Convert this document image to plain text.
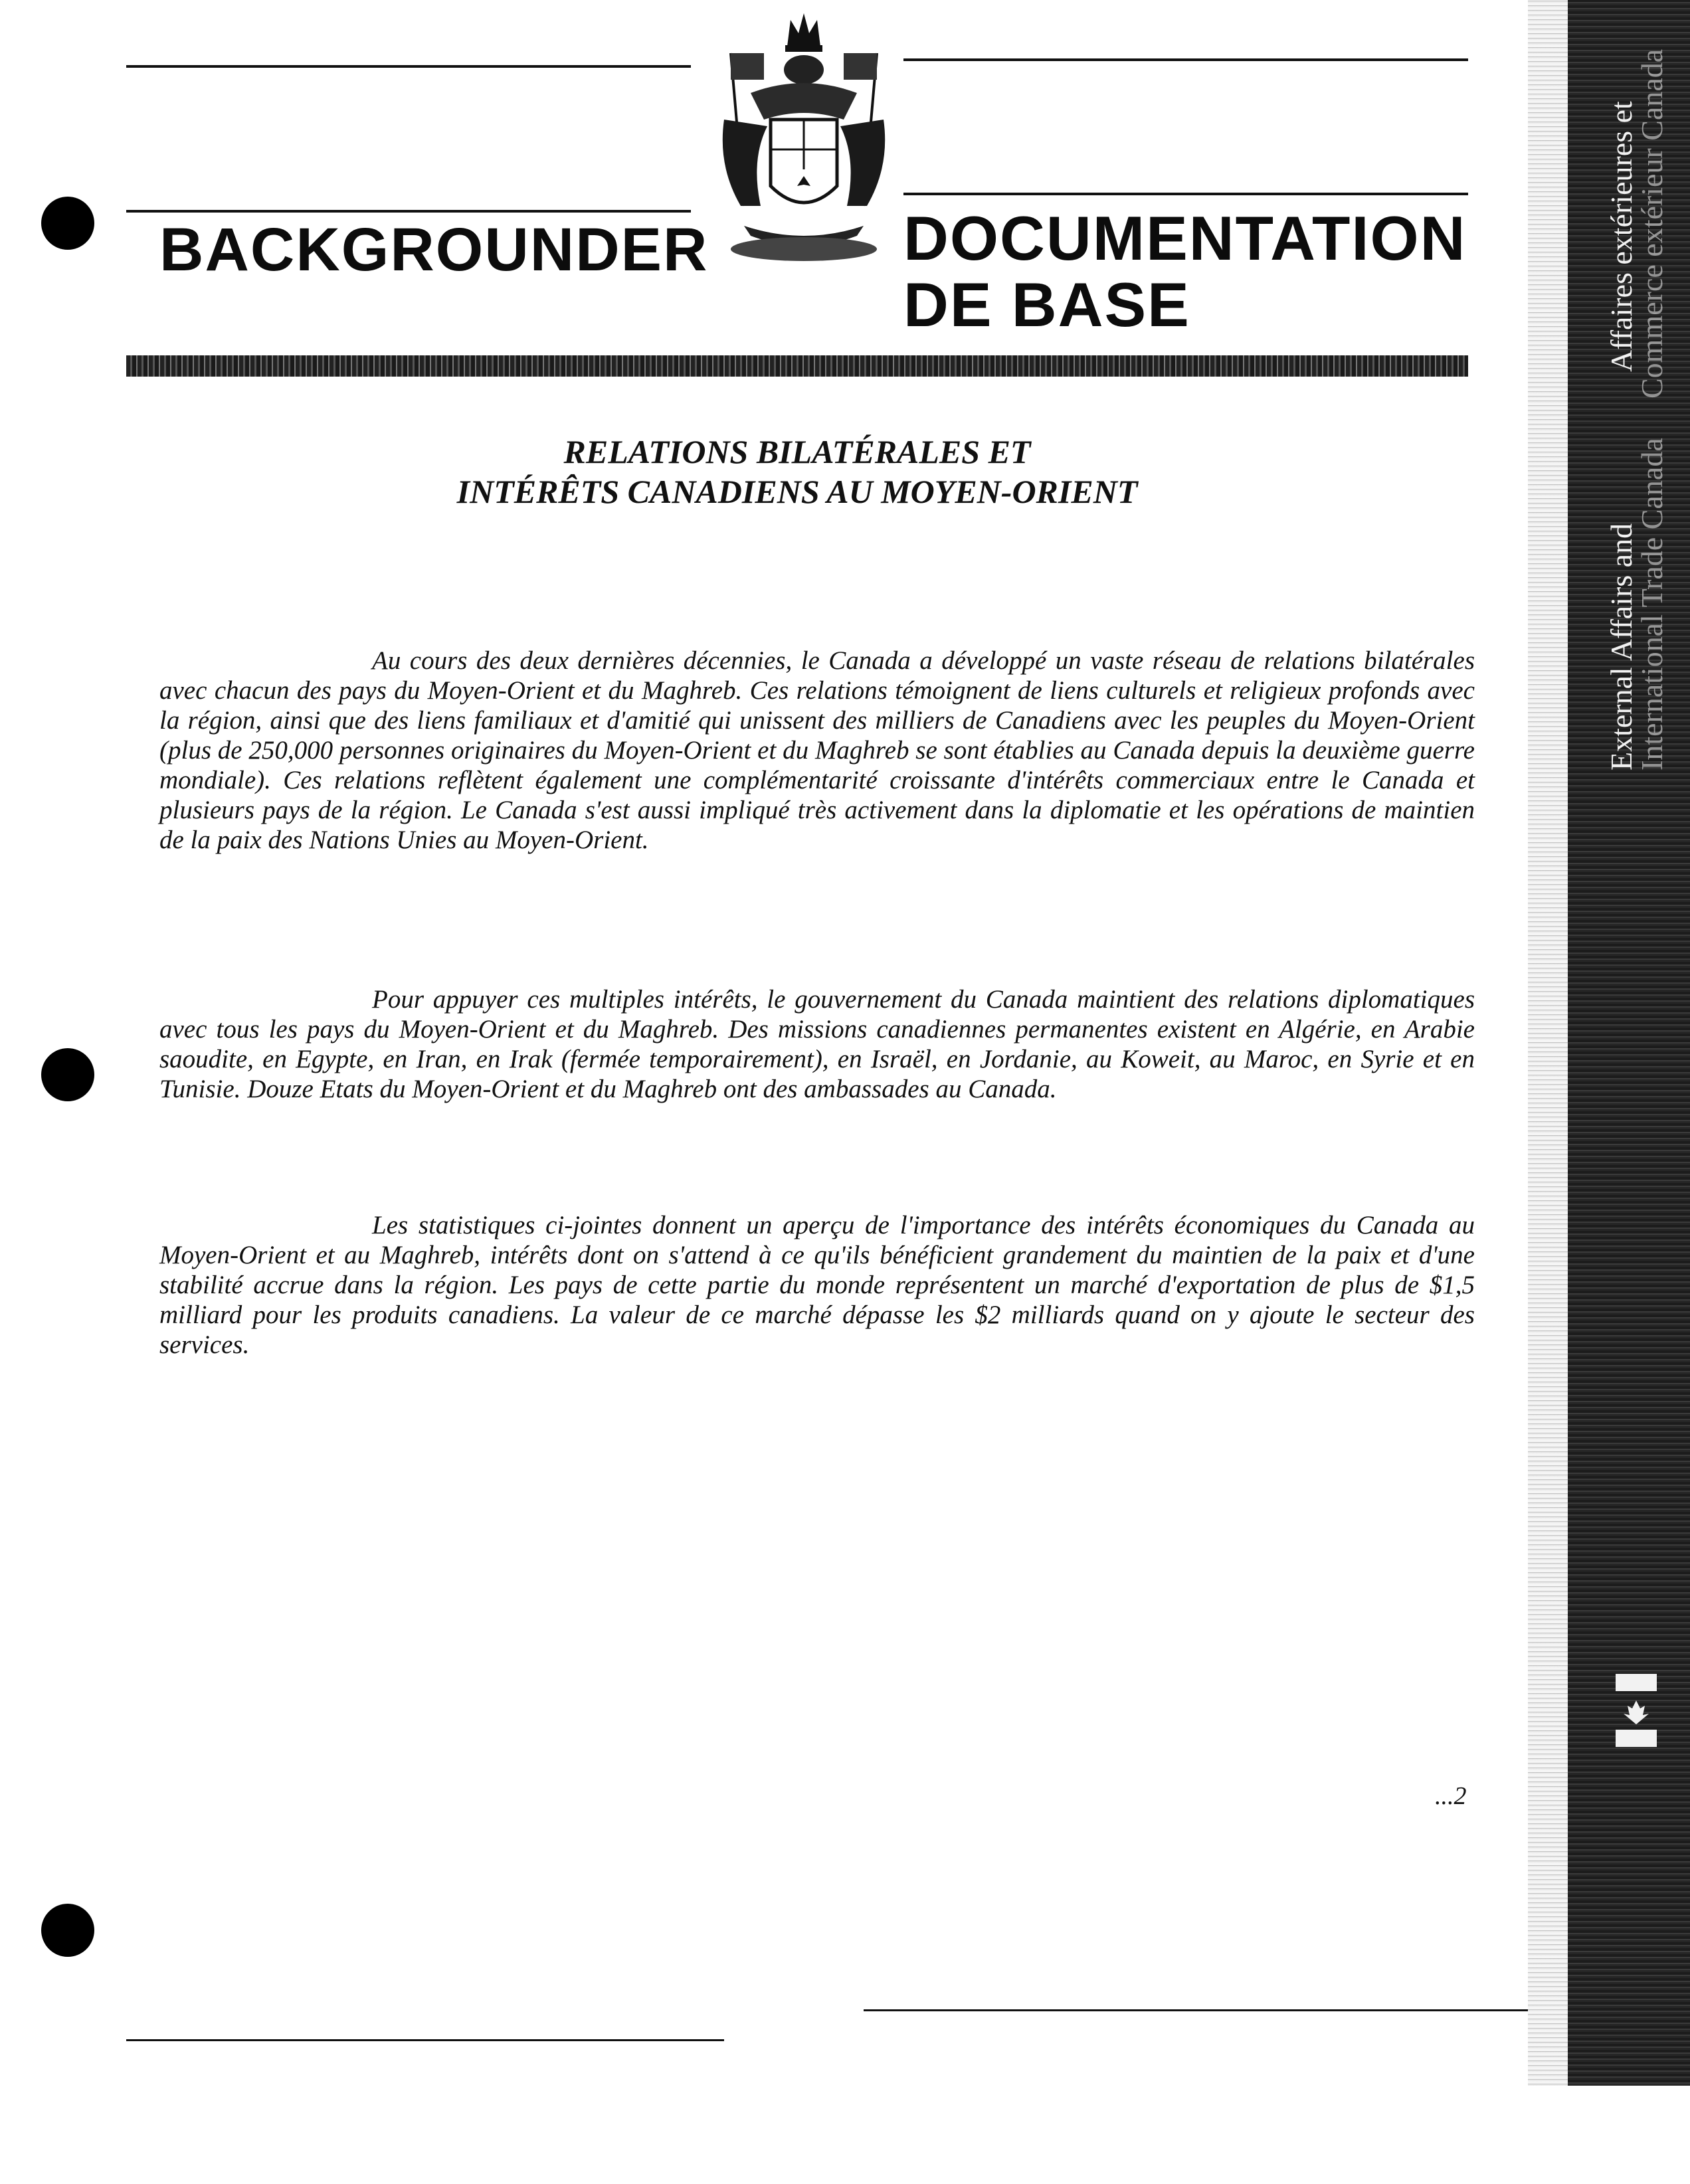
BACKGROUNDER	DOCUMENTATION
DE BASE
RELATIONS BILATÉRALES ET
INTÉRÊTS CANADIENS AU MOYEN-ORIENT

Au cours des deux dernières décennies, le Canada a développé un vaste réseau de relations bilatérales avec chacun des pays du Moyen-Orient et du Maghreb. Ces relations témoignent de liens culturels et religieux profonds avec la région, ainsi que des liens familiaux et d'amitié qui unissent des milliers de Canadiens avec les peuples du Moyen-Orient (plus de 250,000 personnes originaires du Moyen-Orient et du Maghreb se sont établies au Canada depuis la deuxième guerre mondiale). Ces relations reflètent également une complémentarité croissante d'intérêts commerciaux entre le Canada et plusieurs pays de la région. Le Canada s'est aussi impliqué très activement dans la diplomatie et les opérations de maintien de la paix des Nations Unies au Moyen-Orient.

Pour appuyer ces multiples intérêts, le gouvernement du Canada maintient des relations diplomatiques avec tous les pays du Moyen-Orient et du Maghreb. Des missions canadiennes permanentes existent en Algérie, en Arabie saoudite, en Egypte, en Iran, en Irak (fermée temporairement), en Israël, en Jordanie, au Koweit, au Maroc, en Syrie et en Tunisie. Douze Etats du Moyen-Orient et du Maghreb ont des ambassades au Canada.

Les statistiques ci-jointes donnent un aperçu de l'importance des intérêts économiques du Canada au Moyen-Orient et au Maghreb, intérêts dont on s'attend à ce qu'ils bénéficient grandement du maintien de la paix et d'une stabilité accrue dans la région. Les pays de cette partie du monde représentent un marché d'exportation de plus de $1,5 milliard pour les produits canadiens. La valeur de ce marché dépasse les $2 milliards quand on y ajoute le secteur des services.

...2
External Affairs and
International Trade Canada
Affaires extérieures et
Commerce extérieur Canada
